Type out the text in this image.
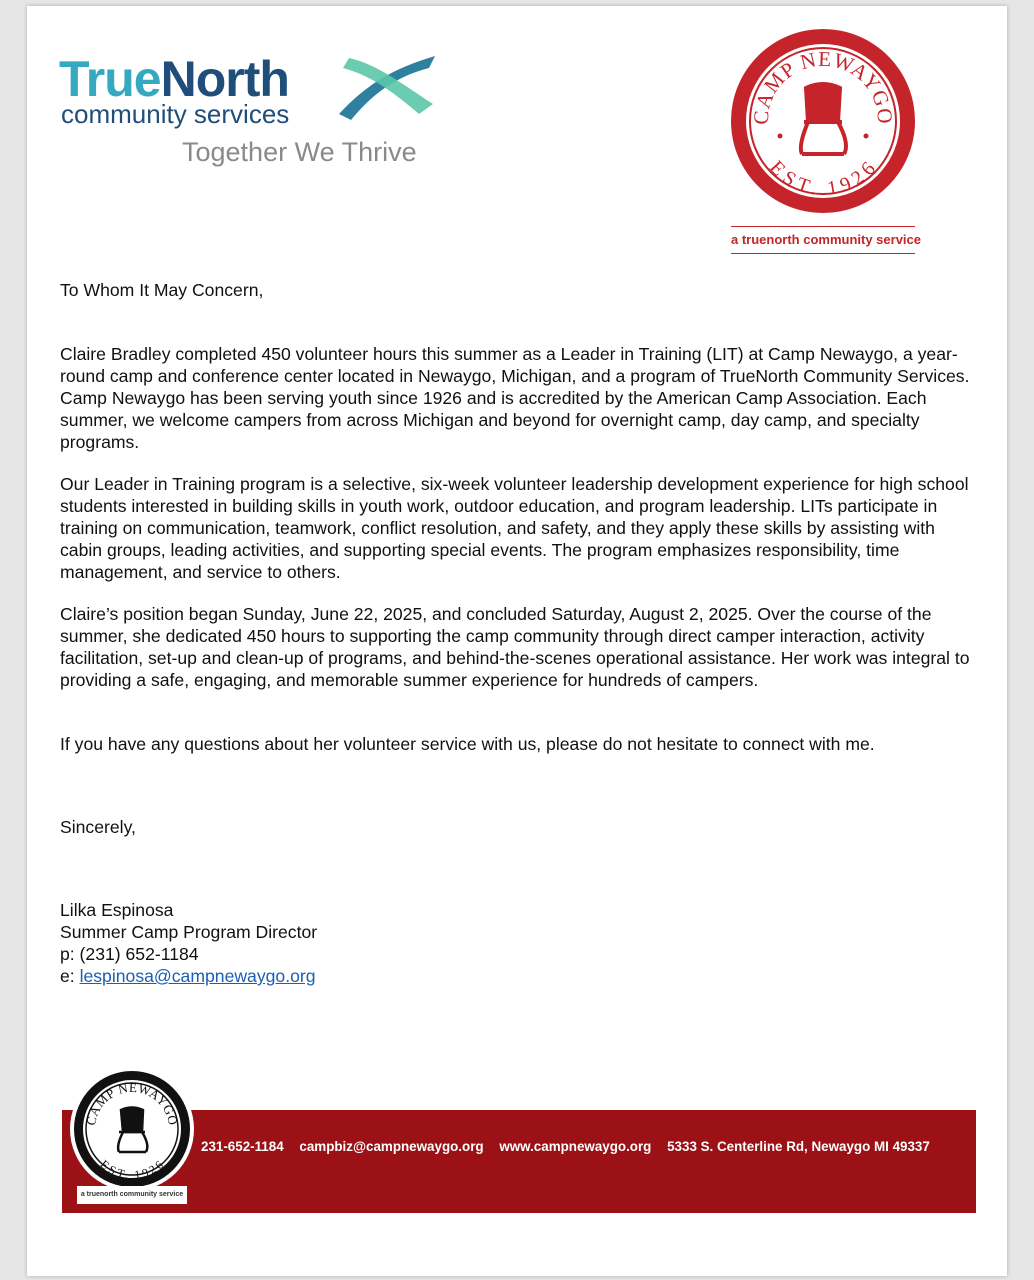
TrueNorth
community services
Together We Thrive
CAMP NEWAYGO
EST. 1926
a truenorth community service

To Whom It May Concern,

Claire Bradley completed 450 volunteer hours this summer as a Leader in Training (LIT) at Camp Newaygo, a year-round camp and conference center located in Newaygo, Michigan, and a program of TrueNorth Community Services. Camp Newaygo has been serving youth since 1926 and is accredited by the American Camp Association. Each summer, we welcome campers from across Michigan and beyond for overnight camp, day camp, and specialty programs.

Our Leader in Training program is a selective, six-week volunteer leadership development experience for high school students interested in building skills in youth work, outdoor education, and program leadership. LITs participate in training on communication, teamwork, conflict resolution, and safety, and they apply these skills by assisting with cabin groups, leading activities, and supporting special events. The program emphasizes responsibility, time management, and service to others.

Claire’s position began Sunday, June 22, 2025, and concluded Saturday, August 2, 2025. Over the course of the summer, she dedicated 450 hours to supporting the camp community through direct camper interaction, activity facilitation, set-up and clean-up of programs, and behind-the-scenes operational assistance. Her work was integral to providing a safe, engaging, and memorable summer experience for hundreds of campers.

If you have any questions about her volunteer service with us, please do not hesitate to connect with me.

Sincerely,

Lilka Espinosa
Summer Camp Program Director
p: (231) 652-1184
e: lespinosa@campnewaygo.org

231-652-1184 campbiz@campnewaygo.org www.campnewaygo.org 5333 S. Centerline Rd, Newaygo MI 49337
CAMP NEWAYGO
EST. 1926
a truenorth community service
